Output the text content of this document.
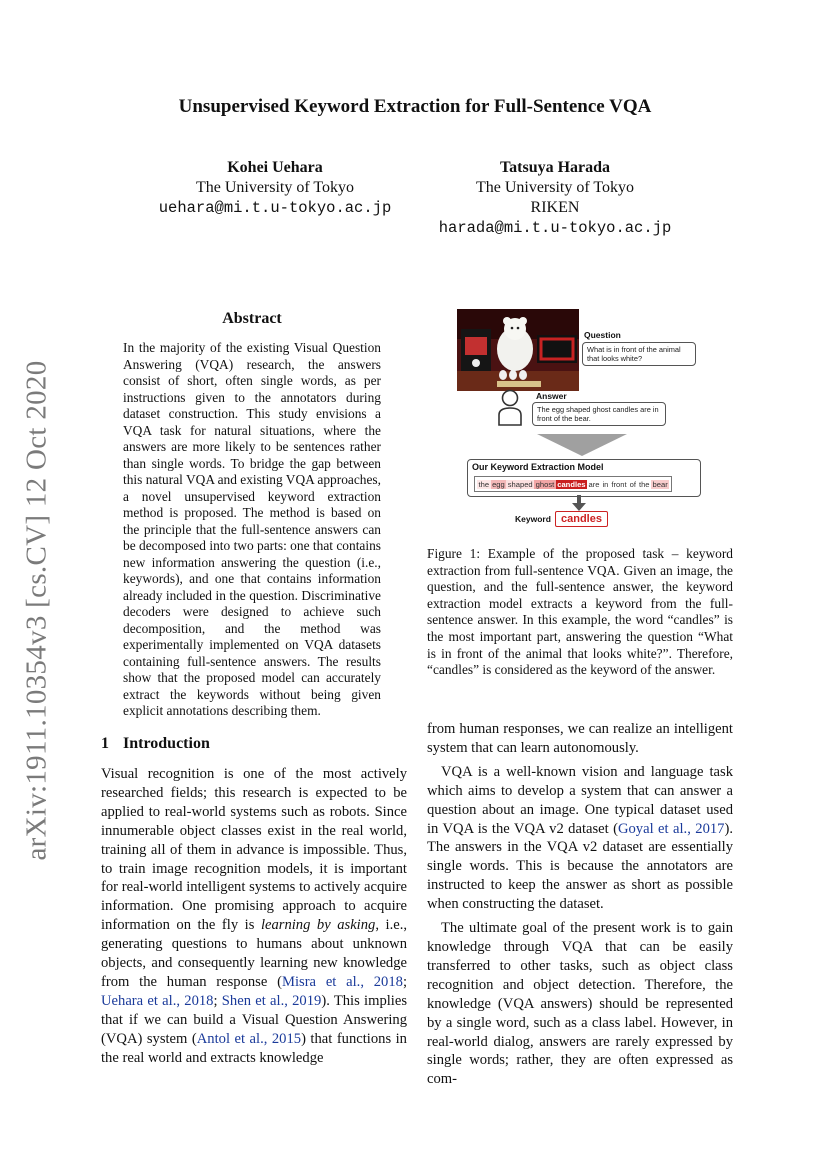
arXiv:1911.10354v3 [cs.CV] 12 Oct 2020
Unsupervised Keyword Extraction for Full-Sentence VQA
Kohei Uehara
The University of Tokyo
uehara@mi.t.u-tokyo.ac.jp
Tatsuya Harada
The University of Tokyo
RIKEN
harada@mi.t.u-tokyo.ac.jp
Abstract
In the majority of the existing Visual Question Answering (VQA) research, the answers consist of short, often single words, as per instructions given to the annotators during dataset construction. This study envisions a VQA task for natural situations, where the answers are more likely to be sentences rather than single words. To bridge the gap between this natural VQA and existing VQA approaches, a novel unsupervised keyword extraction method is proposed. The method is based on the principle that the full-sentence answers can be decomposed into two parts: one that contains new information answering the question (i.e., keywords), and one that contains information already included in the question. Discriminative decoders were designed to achieve such decomposition, and the method was experimentally implemented on VQA datasets containing full-sentence answers. The results show that the proposed model can accurately extract the keywords without being given explicit annotations describing them.
Question
What is in front of the animal that looks white?
Answer
The egg shaped ghost candles are in front of the bear.
Our Keyword Extraction Model
the egg shaped ghost candles are in front of the bear
Keyword candles
Figure 1: Example of the proposed task – keyword extraction from full-sentence VQA. Given an image, the question, and the full-sentence answer, the keyword extraction model extracts a keyword from the full-sentence answer. In this example, the word “candles” is the most important part, answering the question “What is in front of the animal that looks white?”. Therefore, “candles” is considered as the keyword of the answer.
1 Introduction

Visual recognition is one of the most actively researched fields; this research is expected to be applied to real-world systems such as robots. Since innumerable object classes exist in the real world, training all of them in advance is impossible. Thus, to train image recognition models, it is important for real-world intelligent systems to actively acquire information. One promising approach to acquire information on the fly is learning by asking, i.e., generating questions to humans about unknown objects, and consequently learning new knowledge from the human response (Misra et al., 2018; Uehara et al., 2018; Shen et al., 2019). This implies that if we can build a Visual Question Answering (VQA) system (Antol et al., 2015) that functions in the real world and extracts knowledge

from human responses, we can realize an intelligent system that can learn autonomously.

VQA is a well-known vision and language task which aims to develop a system that can answer a question about an image. One typical dataset used in VQA is the VQA v2 dataset (Goyal et al., 2017). The answers in the VQA v2 dataset are essentially single words. This is because the annotators are instructed to keep the answer as short as possible when constructing the dataset.

The ultimate goal of the present work is to gain knowledge through VQA that can be easily transferred to other tasks, such as object class recognition and object detection. Therefore, the knowledge (VQA answers) should be represented by a single word, such as a class label. However, in real-world dialog, answers are rarely expressed by single words; rather, they are often expressed as com-
